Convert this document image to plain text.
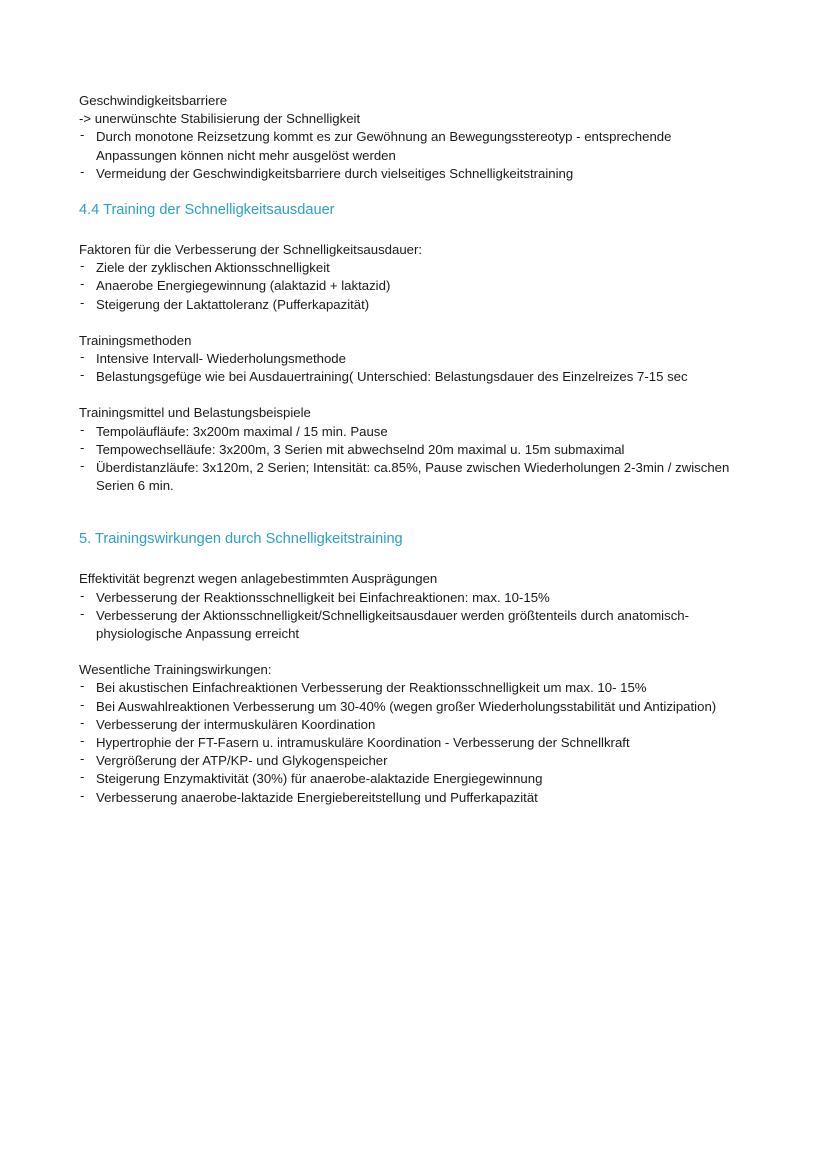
Geschwindigkeitsbarriere

-> unerwünschte Stabilisierung der Schnelligkeit

- Durch monotone Reizsetzung kommt es zur Gewöhnung an Bewegungsstereotyp - entsprechende Anpassungen können nicht mehr ausgelöst werden
- Vermeidung der Geschwindigkeitsbarriere durch vielseitiges Schnelligkeitstraining
4.4 Training der Schnelligkeitsausdauer

Faktoren für die Verbesserung der Schnelligkeitsausdauer:

- Ziele der zyklischen Aktionsschnelligkeit
- Anaerobe Energiegewinnung (alaktazid + laktazid)
- Steigerung der Laktattoleranz (Pufferkapazität)

Trainingsmethoden

- Intensive Intervall- Wiederholungsmethode
- Belastungsgefüge wie bei Ausdauertraining( Unterschied: Belastungsdauer des Einzelreizes 7-15 sec

Trainingsmittel und Belastungsbeispiele

- Tempoläufläufe: 3x200m maximal / 15 min. Pause
- Tempowechselläufe: 3x200m, 3 Serien mit abwechselnd 20m maximal u. 15m submaximal
- Überdistanzläufe: 3x120m, 2 Serien; Intensität: ca.85%, Pause zwischen Wiederholungen 2-3min / zwischen Serien 6 min.
5. Trainingswirkungen durch Schnelligkeitstraining

Effektivität begrenzt wegen anlagebestimmten Ausprägungen

- Verbesserung der Reaktionsschnelligkeit bei Einfachreaktionen: max. 10-15%
- Verbesserung der Aktionsschnelligkeit/Schnelligkeitsausdauer werden größtenteils durch anatomisch-physiologische Anpassung erreicht

Wesentliche Trainingswirkungen:

- Bei akustischen Einfachreaktionen Verbesserung der Reaktionsschnelligkeit um max. 10- 15%
- Bei Auswahlreaktionen Verbesserung um 30-40% (wegen großer Wiederholungsstabilität und Antizipation)
- Verbesserung der intermuskulären Koordination
- Hypertrophie der FT-Fasern u. intramuskuläre Koordination - Verbesserung der Schnellkraft
- Vergrößerung der ATP/KP- und Glykogenspeicher
- Steigerung Enzymaktivität (30%) für anaerobe-alaktazide Energiegewinnung
- Verbesserung anaerobe-laktazide Energiebereitstellung und Pufferkapazität
